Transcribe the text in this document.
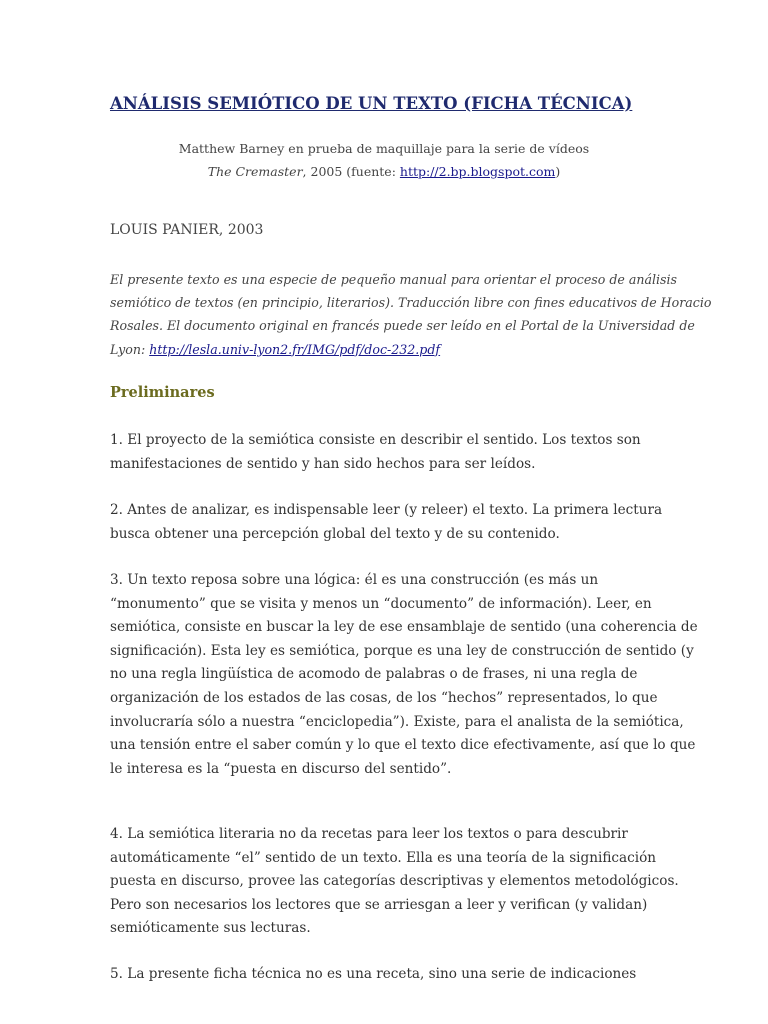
ANÁLISIS SEMIÓTICO DE UN TEXTO (FICHA TÉCNICA)
Matthew Barney en prueba de maquillaje para la serie de vídeos
The Cremaster, 2005 (fuente: http://2.bp.blogspot.com)
LOUIS PANIER, 2003
El presente texto es una especie de pequeño manual para orientar el proceso de análisis
semiótico de textos (en principio, literarios). Traducción libre con fines educativos de Horacio
Rosales. El documento original en francés puede ser leído en el Portal de la Universidad de
Lyon: http://lesla.univ-lyon2.fr/IMG/pdf/doc-232.pdf
Preliminares
1. El proyecto de la semiótica consiste en describir el sentido. Los textos son
manifestaciones de sentido y han sido hechos para ser leídos.
2. Antes de analizar, es indispensable leer (y releer) el texto. La primera lectura
busca obtener una percepción global del texto y de su contenido.
3. Un texto reposa sobre una lógica: él es una construcción (es más un
“monumento” que se visita y menos un “documento” de información). Leer, en
semiótica, consiste en buscar la ley de ese ensamblaje de sentido (una coherencia de
significación). Esta ley es semiótica, porque es una ley de construcción de sentido (y
no una regla lingüística de acomodo de palabras o de frases, ni una regla de
organización de los estados de las cosas, de los “hechos” representados, lo que
involucraría sólo a nuestra “enciclopedia”). Existe, para el analista de la semiótica,
una tensión entre el saber común y lo que el texto dice efectivamente, así que lo que
le interesa es la “puesta en discurso del sentido”.
4. La semiótica literaria no da recetas para leer los textos o para descubrir
automáticamente “el” sentido de un texto. Ella es una teoría de la significación
puesta en discurso, provee las categorías descriptivas y elementos metodológicos.
Pero son necesarios los lectores que se arriesgan a leer y verifican (y validan)
semióticamente sus lecturas.
5. La presente ficha técnica no es una receta, sino una serie de indicaciones
